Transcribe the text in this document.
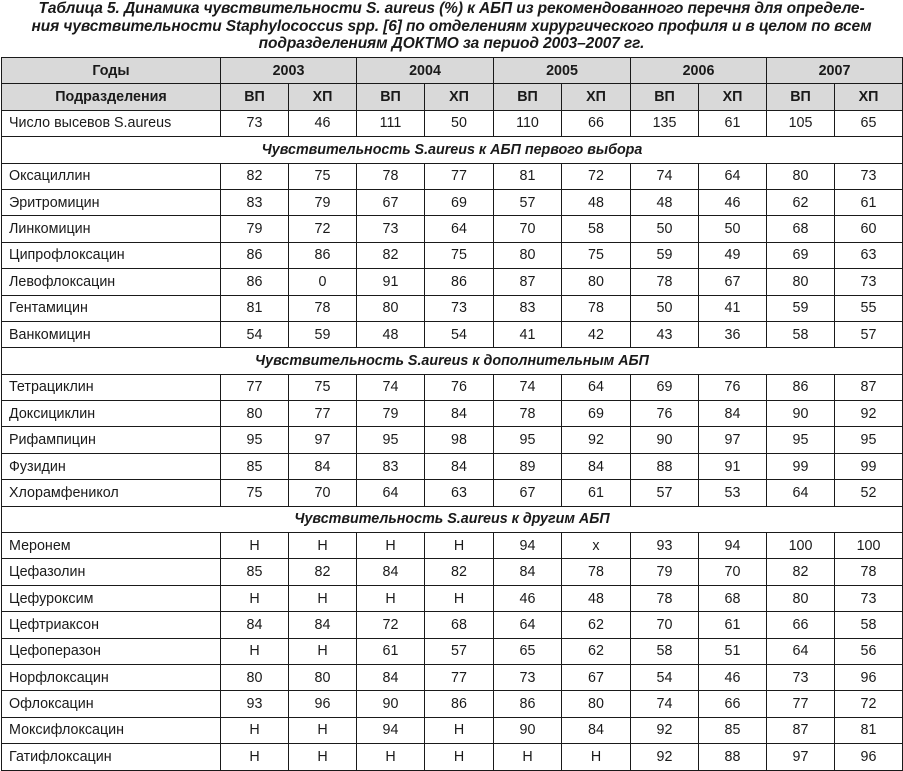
Таблица 5. Динамика чувствительности S. aureus (%) к АБП из рекомендованного перечня для определе-
ния чувствительности Staphylococcus spp. [6] по отделениям хирургического профиля и в целом по всем
подразделениям ДОКТМО за период 2003–2007 гг.
Годы	2003		2004		2005		2006		2007	
Подразделения	ВП	ХП	ВП	ХП	ВП	ХП	ВП	ХП	ВП	ХП
Число высевов S.aureus	73	46	111	50	110	66	135	61	105	65
Чувствительность S.aureus к АБП первого выбора										
Оксациллин	82	75	78	77	81	72	74	64	80	73
Эритромицин	83	79	67	69	57	48	48	46	62	61
Линкомицин	79	72	73	64	70	58	50	50	68	60
Ципрофлоксацин	86	86	82	75	80	75	59	49	69	63
Левофлоксацин	86	0	91	86	87	80	78	67	80	73
Гентамицин	81	78	80	73	83	78	50	41	59	55
Ванкомицин	54	59	48	54	41	42	43	36	58	57
Чувствительность S.aureus к дополнительным АБП										
Тетрациклин	77	75	74	76	74	64	69	76	86	87
Доксициклин	80	77	79	84	78	69	76	84	90	92
Рифампицин	95	97	95	98	95	92	90	97	95	95
Фузидин	85	84	83	84	89	84	88	91	99	99
Хлорамфеникол	75	70	64	63	67	61	57	53	64	52
Чувствительность S.aureus к другим АБП										
Меронем	Н	Н	Н	Н	94	х	93	94	100	100
Цефазолин	85	82	84	82	84	78	79	70	82	78
Цефуроксим	Н	Н	Н	Н	46	48	78	68	80	73
Цефтриаксон	84	84	72	68	64	62	70	61	66	58
Цефоперазон	Н	Н	61	57	65	62	58	51	64	56
Норфлоксацин	80	80	84	77	73	67	54	46	73	96
Офлоксацин	93	96	90	86	86	80	74	66	77	72
Моксифлоксацин	Н	Н	94	Н	90	84	92	85	87	81
Гатифлоксацин	Н	Н	Н	Н	Н	Н	92	88	97	96
